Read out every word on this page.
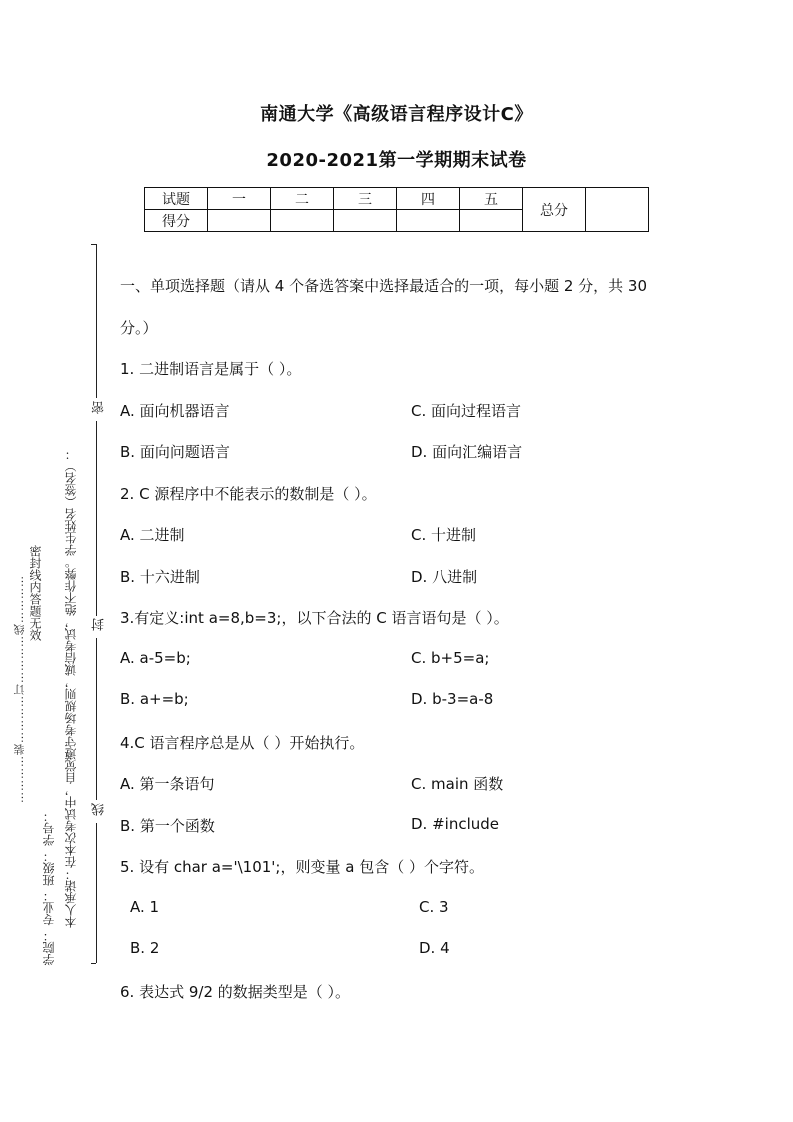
南通大学《高级语言程序设计C》
2020-2021第一学期期末试卷
试题	一	二	三	四	五	总分	
得分							
密
封
线
…………装…………订…………线…………
学院： 专业： 班级： 学号： 本人承诺：在本次考试中，自觉遵守考场规则，诚信考试，绝不作弊。学生姓名（签名）：
密封线内答题无效
一、单项选择题（请从 4 个备选答案中选择最适合的一项，每小题 2 分，共 30
分。）
1. 二进制语言是属于（ ）。
A. 面向机器语言	C. 面向过程语言
B. 面向问题语言	D. 面向汇编语言
2. C 源程序中不能表示的数制是（ ）。
A. 二进制	C. 十进制
B. 十六进制	D. 八进制
3.有定义:int a=8,b=3;，以下合法的 C 语言语句是（ ）。
A. a-5=b;	C. b+5=a;
B. a+=b;	D. b-3=a-8
4.C 语言程序总是从（ ）开始执行。
A. 第一条语句	C. main 函数
B. 第一个函数	D. #include
5. 设有 char a='\101';，则变量 a 包含（ ）个字符。
A. 1	C. 3
B. 2	D. 4
6. 表达式 9/2 的数据类型是（ ）。
